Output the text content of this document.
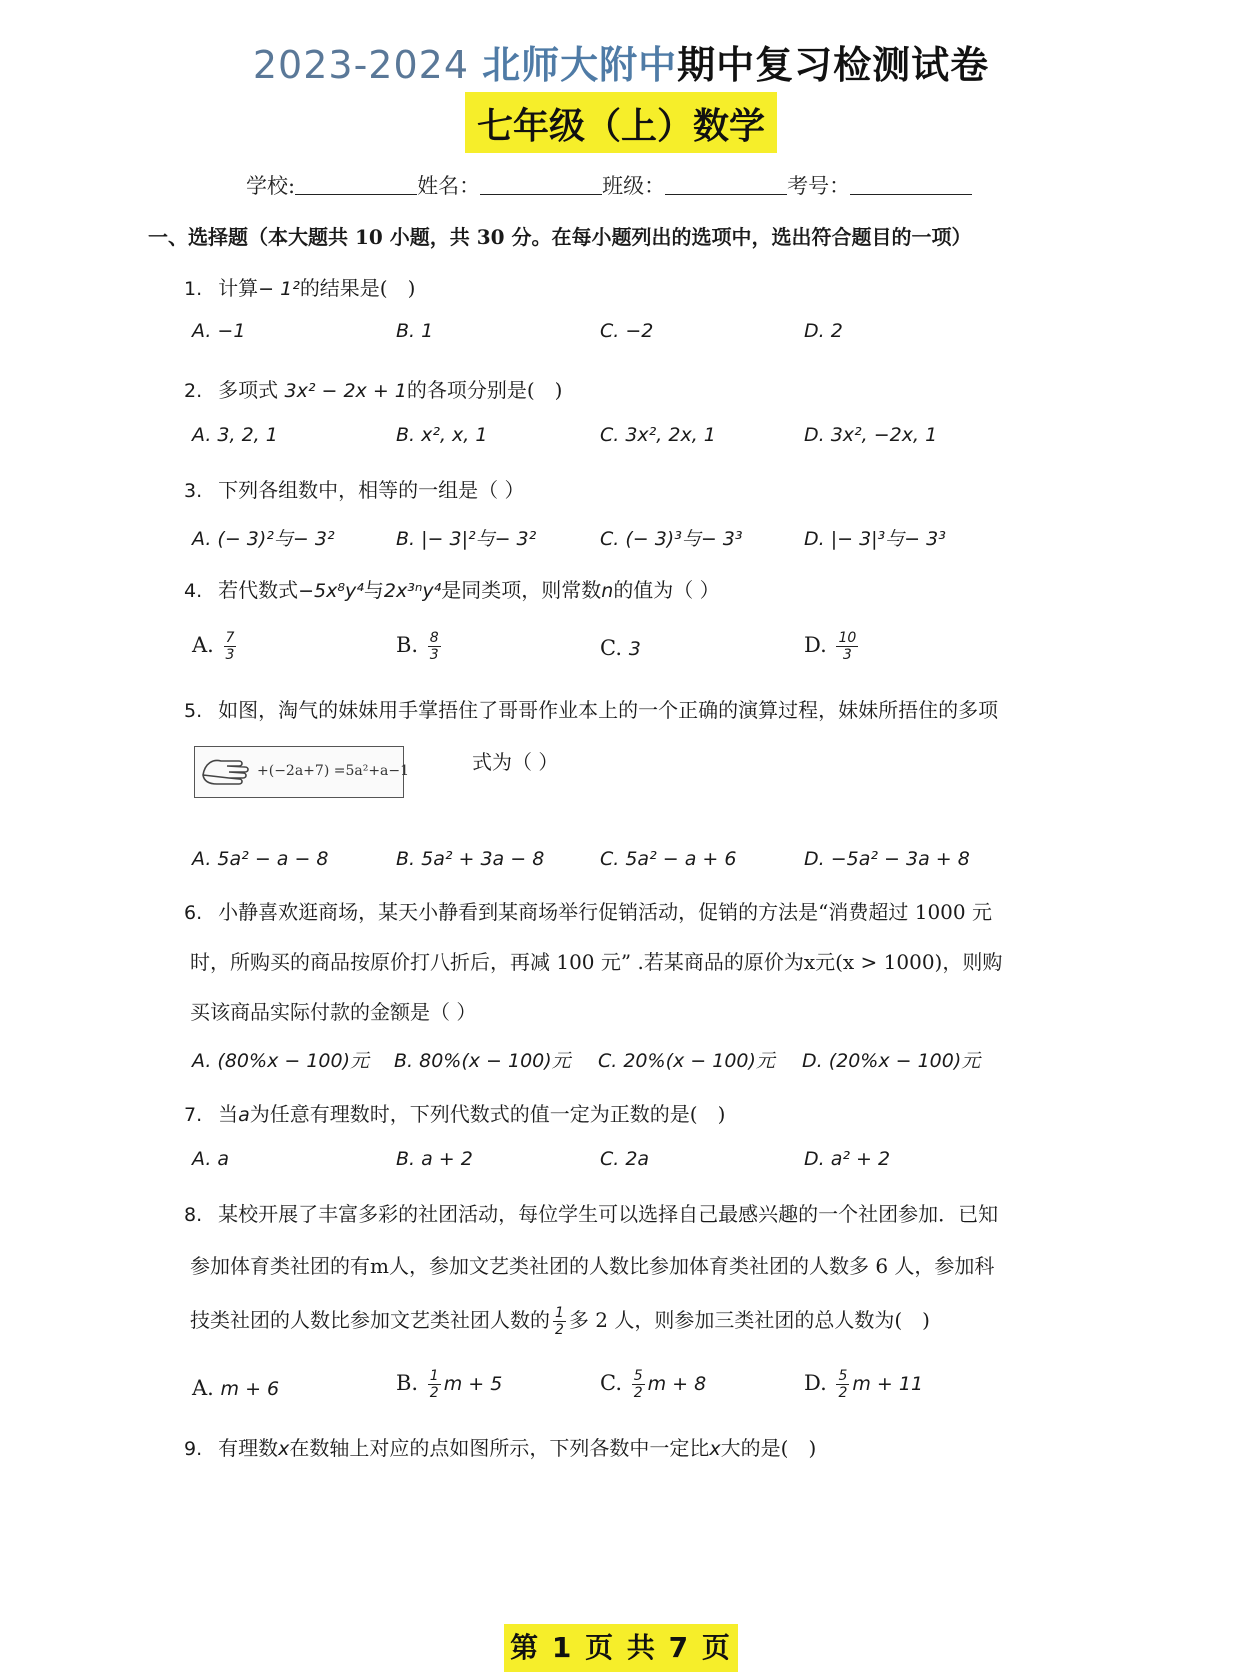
2023-2024 北师大附中期中复习检测试卷
七年级（上）数学
学校:	姓名：	班级：	考号：
一、选择题（本大题共 10 小题，共 30 分。在每小题列出的选项中，选出符合题目的一项）
1. 计算− 1²的结果是(　)
A. −1	B. 1	C. −2	D. 2
2. 多项式 3x² − 2x + 1的各项分别是(　)
A. 3, 2, 1	B. x², x, 1	C. 3x², 2x, 1	D. 3x², −2x, 1
3. 下列各组数中，相等的一组是（ ）
A. (− 3)²与− 3²	B. |− 3|²与− 3²	C. (− 3)³与− 3³	D. |− 3|³与− 3³
4. 若代数式−5x⁸y⁴与2x³ⁿy⁴是同类项，则常数n的值为（ ）
A. $\frac{7}{3}$	B. $\frac{8}{3}$	C. 3	D. $\frac{10}{3}$
5. 如图，淘气的妹妹用手掌捂住了哥哥作业本上的一个正确的演算过程，妹妹所捂住的多项
+(−2a+7) =5a²+a−1	式为（ ）
A. 5a² − a − 8	B. 5a² + 3a − 8	C. 5a² − a + 6	D. −5a² − 3a + 8
6. 小静喜欢逛商场，某天小静看到某商场举行促销活动，促销的方法是“消费超过 1000 元
时，所购买的商品按原价打八折后，再减 100 元” .若某商品的原价为x元(x > 1000)，则购
买该商品实际付款的金额是（ ）
A. (80%x − 100)元 B. 80%(x − 100)元 C. 20%(x − 100)元 D. (20%x − 100)元
7. 当a为任意有理数时，下列代数式的值一定为正数的是(　)
A. a	B. a + 2	C. 2a	D. a² + 2
8. 某校开展了丰富多彩的社团活动，每位学生可以选择自己最感兴趣的一个社团参加．已知
参加体育类社团的有m人，参加文艺类社团的人数比参加体育类社团的人数多 6 人，参加科
技类社团的人数比参加文艺类社团人数的 $\frac{1}{2}$ 多 2 人，则参加三类社团的总人数为(　)
A. m + 6	B. $\frac{1}{2}$ m + 5	C. $\frac{5}{2}$ m + 8	D. $\frac{5}{2}$ m + 11
9. 有理数x在数轴上对应的点如图所示，下列各数中一定比x大的是(　)
第 1 页 共 7 页
